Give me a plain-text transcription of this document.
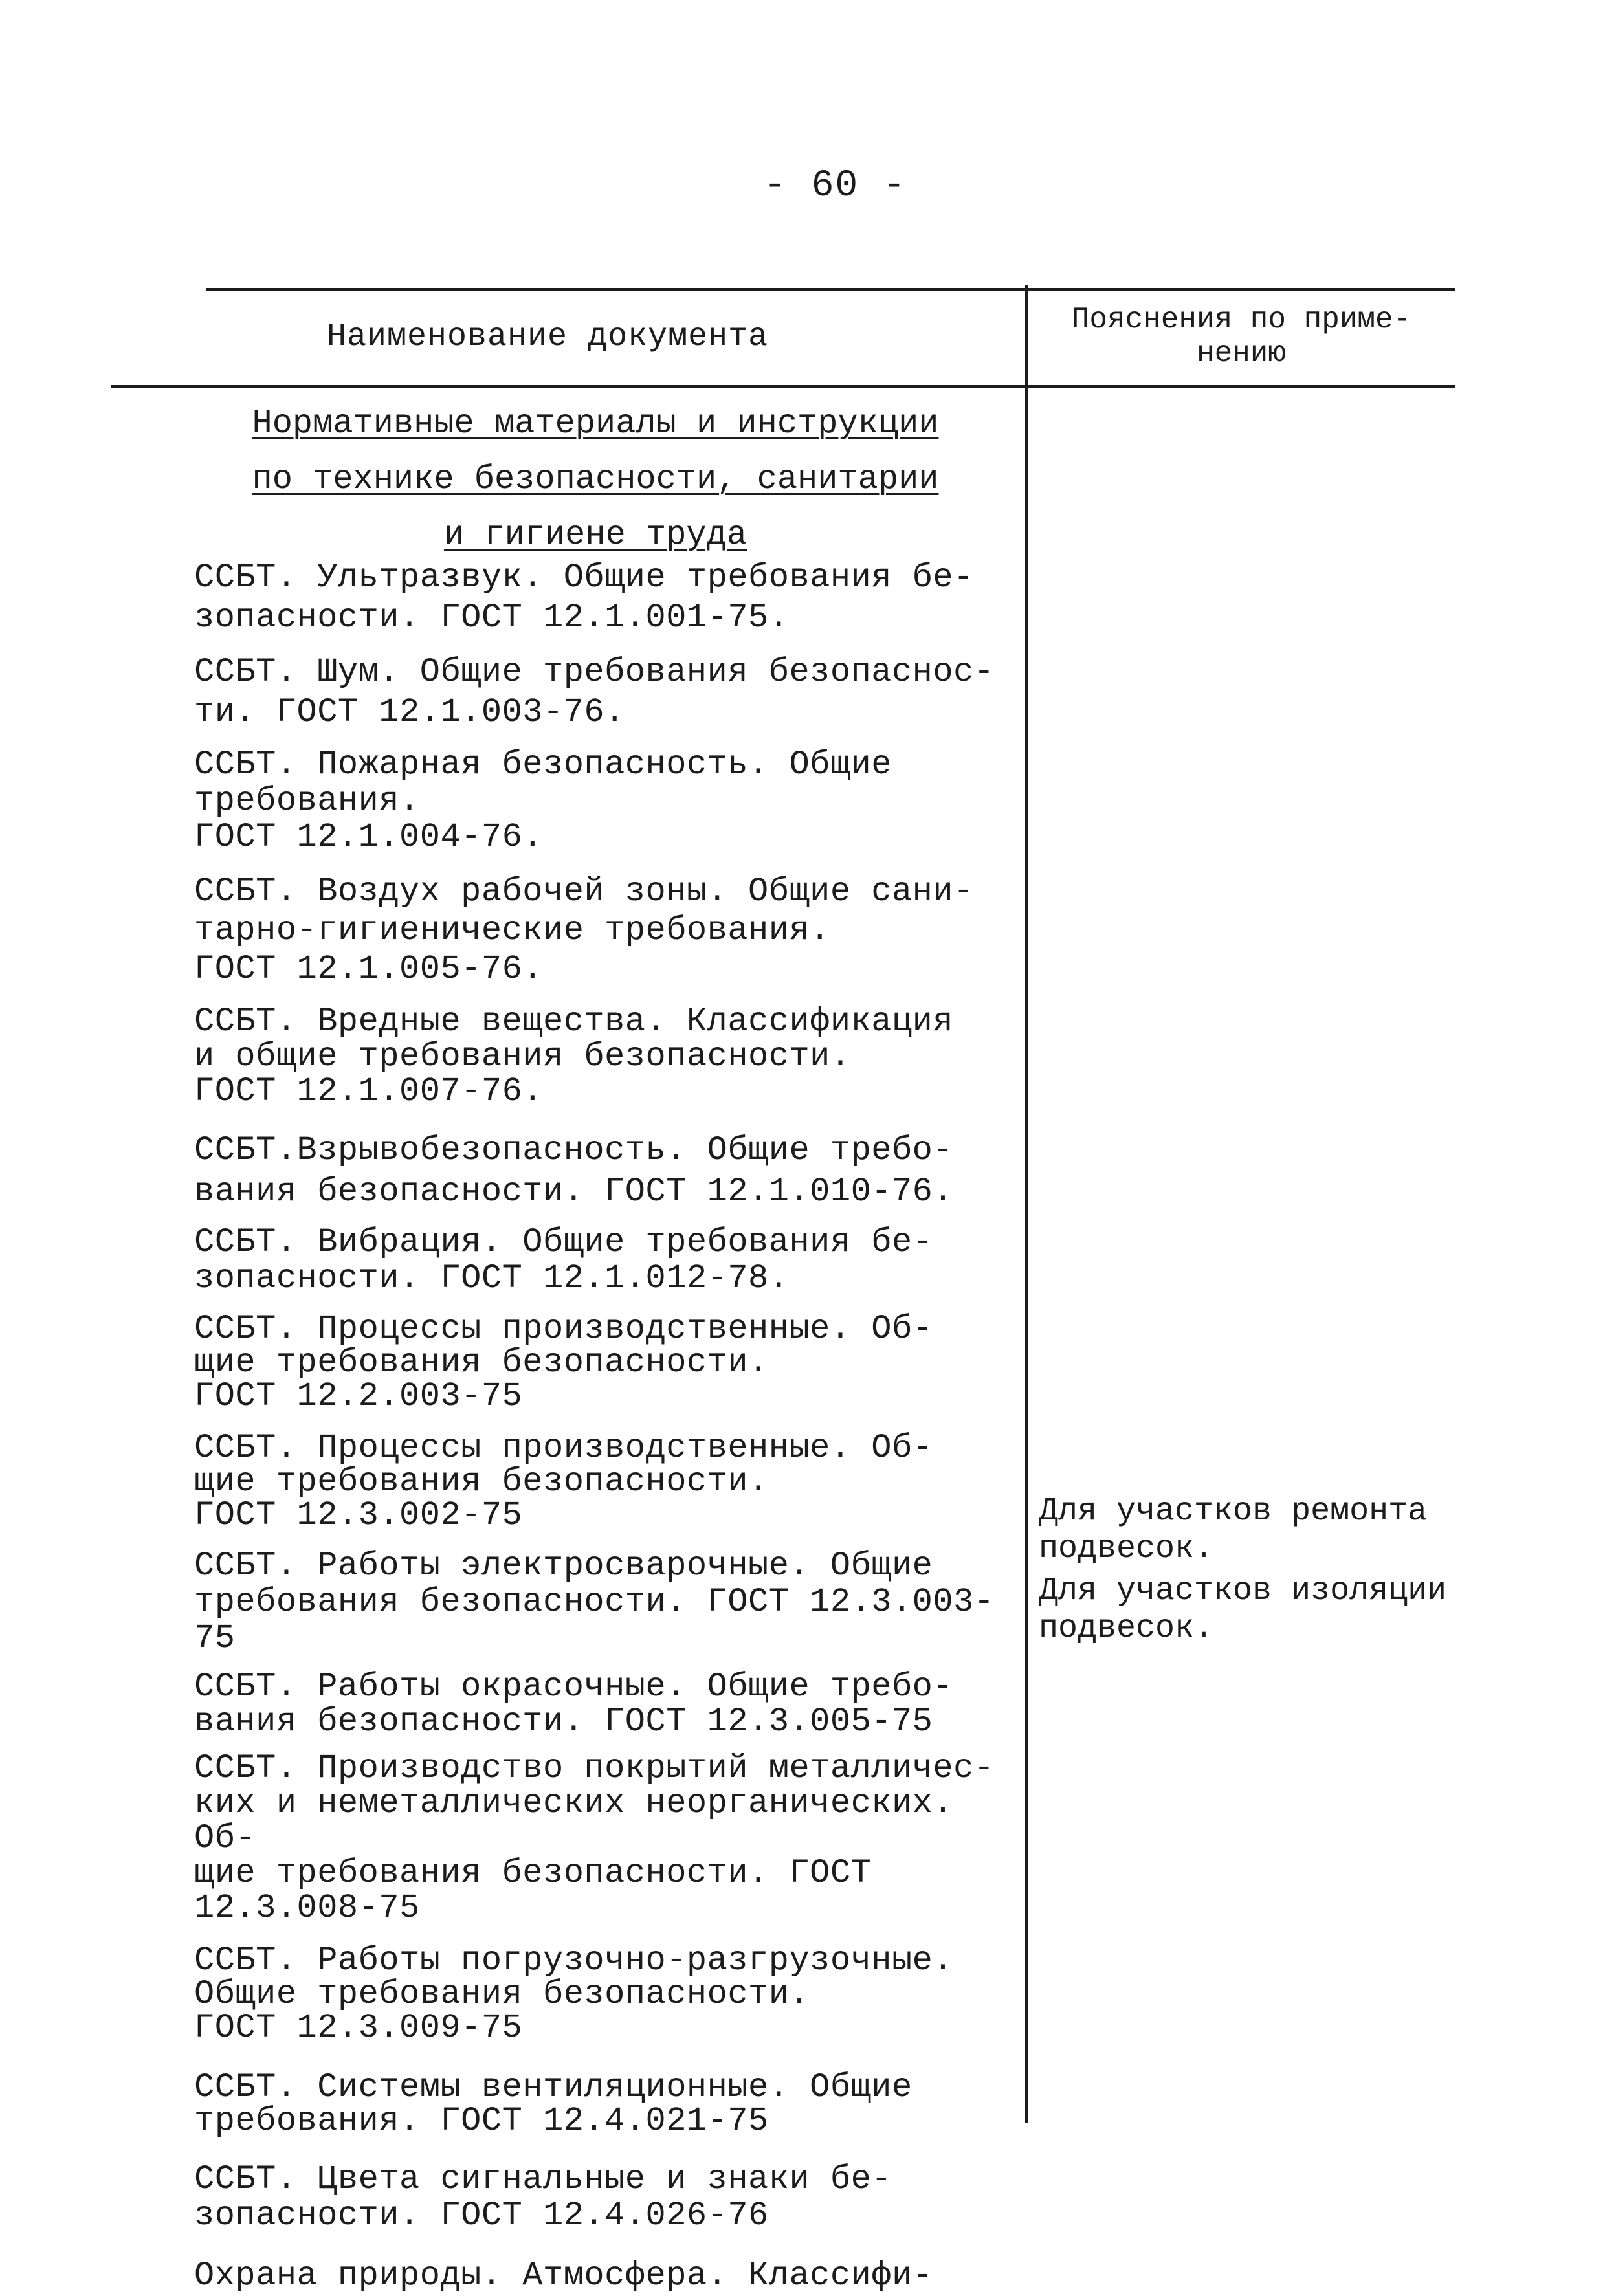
- 60 -
Наименование документа	Пояснения по приме-
нению
Нормативные материалы и инструкции
по технике безопасности, санитарии
и гигиене труда
ССБТ. Ультразвук. Общие требования бе-
зопасности. ГОСТ 12.1.001-75.
ССБТ. Шум. Общие требования безопаснос-
ти. ГОСТ 12.1.003-76.
ССБТ. Пожарная безопасность. Общие
требования.
ГОСТ 12.1.004-76.
ССБТ. Воздух рабочей зоны. Общие сани-
тарно-гигиенические требования.
ГОСТ 12.1.005-76.
ССБТ. Вредные вещества. Классификация
и общие требования безопасности.
ГОСТ 12.1.007-76.
ССБТ.Взрывобезопасность. Общие требо-
вания безопасности. ГОСТ 12.1.010-76.
ССБТ. Вибрация. Общие требования бе-
зопасности. ГОСТ 12.1.012-78.
ССБТ. Процессы производственные. Об-
щие требования безопасности.
ГОСТ 12.2.003-75
ССБТ. Процессы производственные. Об-
щие требования безопасности.
ГОСТ 12.3.002-75
ССБТ. Работы электросварочные. Общие
требования безопасности. ГОСТ 12.3.003-75
ССБТ. Работы окрасочные. Общие требо-
вания безопасности. ГОСТ 12.3.005-75
ССБТ. Производство покрытий металличес-
ких и неметаллических неорганических. Об-
щие требования безопасности. ГОСТ
12.3.008-75
ССБТ. Работы погрузочно-разгрузочные.
Общие требования безопасности.
ГОСТ 12.3.009-75
ССБТ. Системы вентиляционные. Общие
требования. ГОСТ 12.4.021-75
ССБТ. Цвета сигнальные и знаки бе-
зопасности. ГОСТ 12.4.026-76
Охрана природы. Атмосфера. Классифи-
Для участков ремонта
подвесок.
Для участков изоляции
подвесок.
